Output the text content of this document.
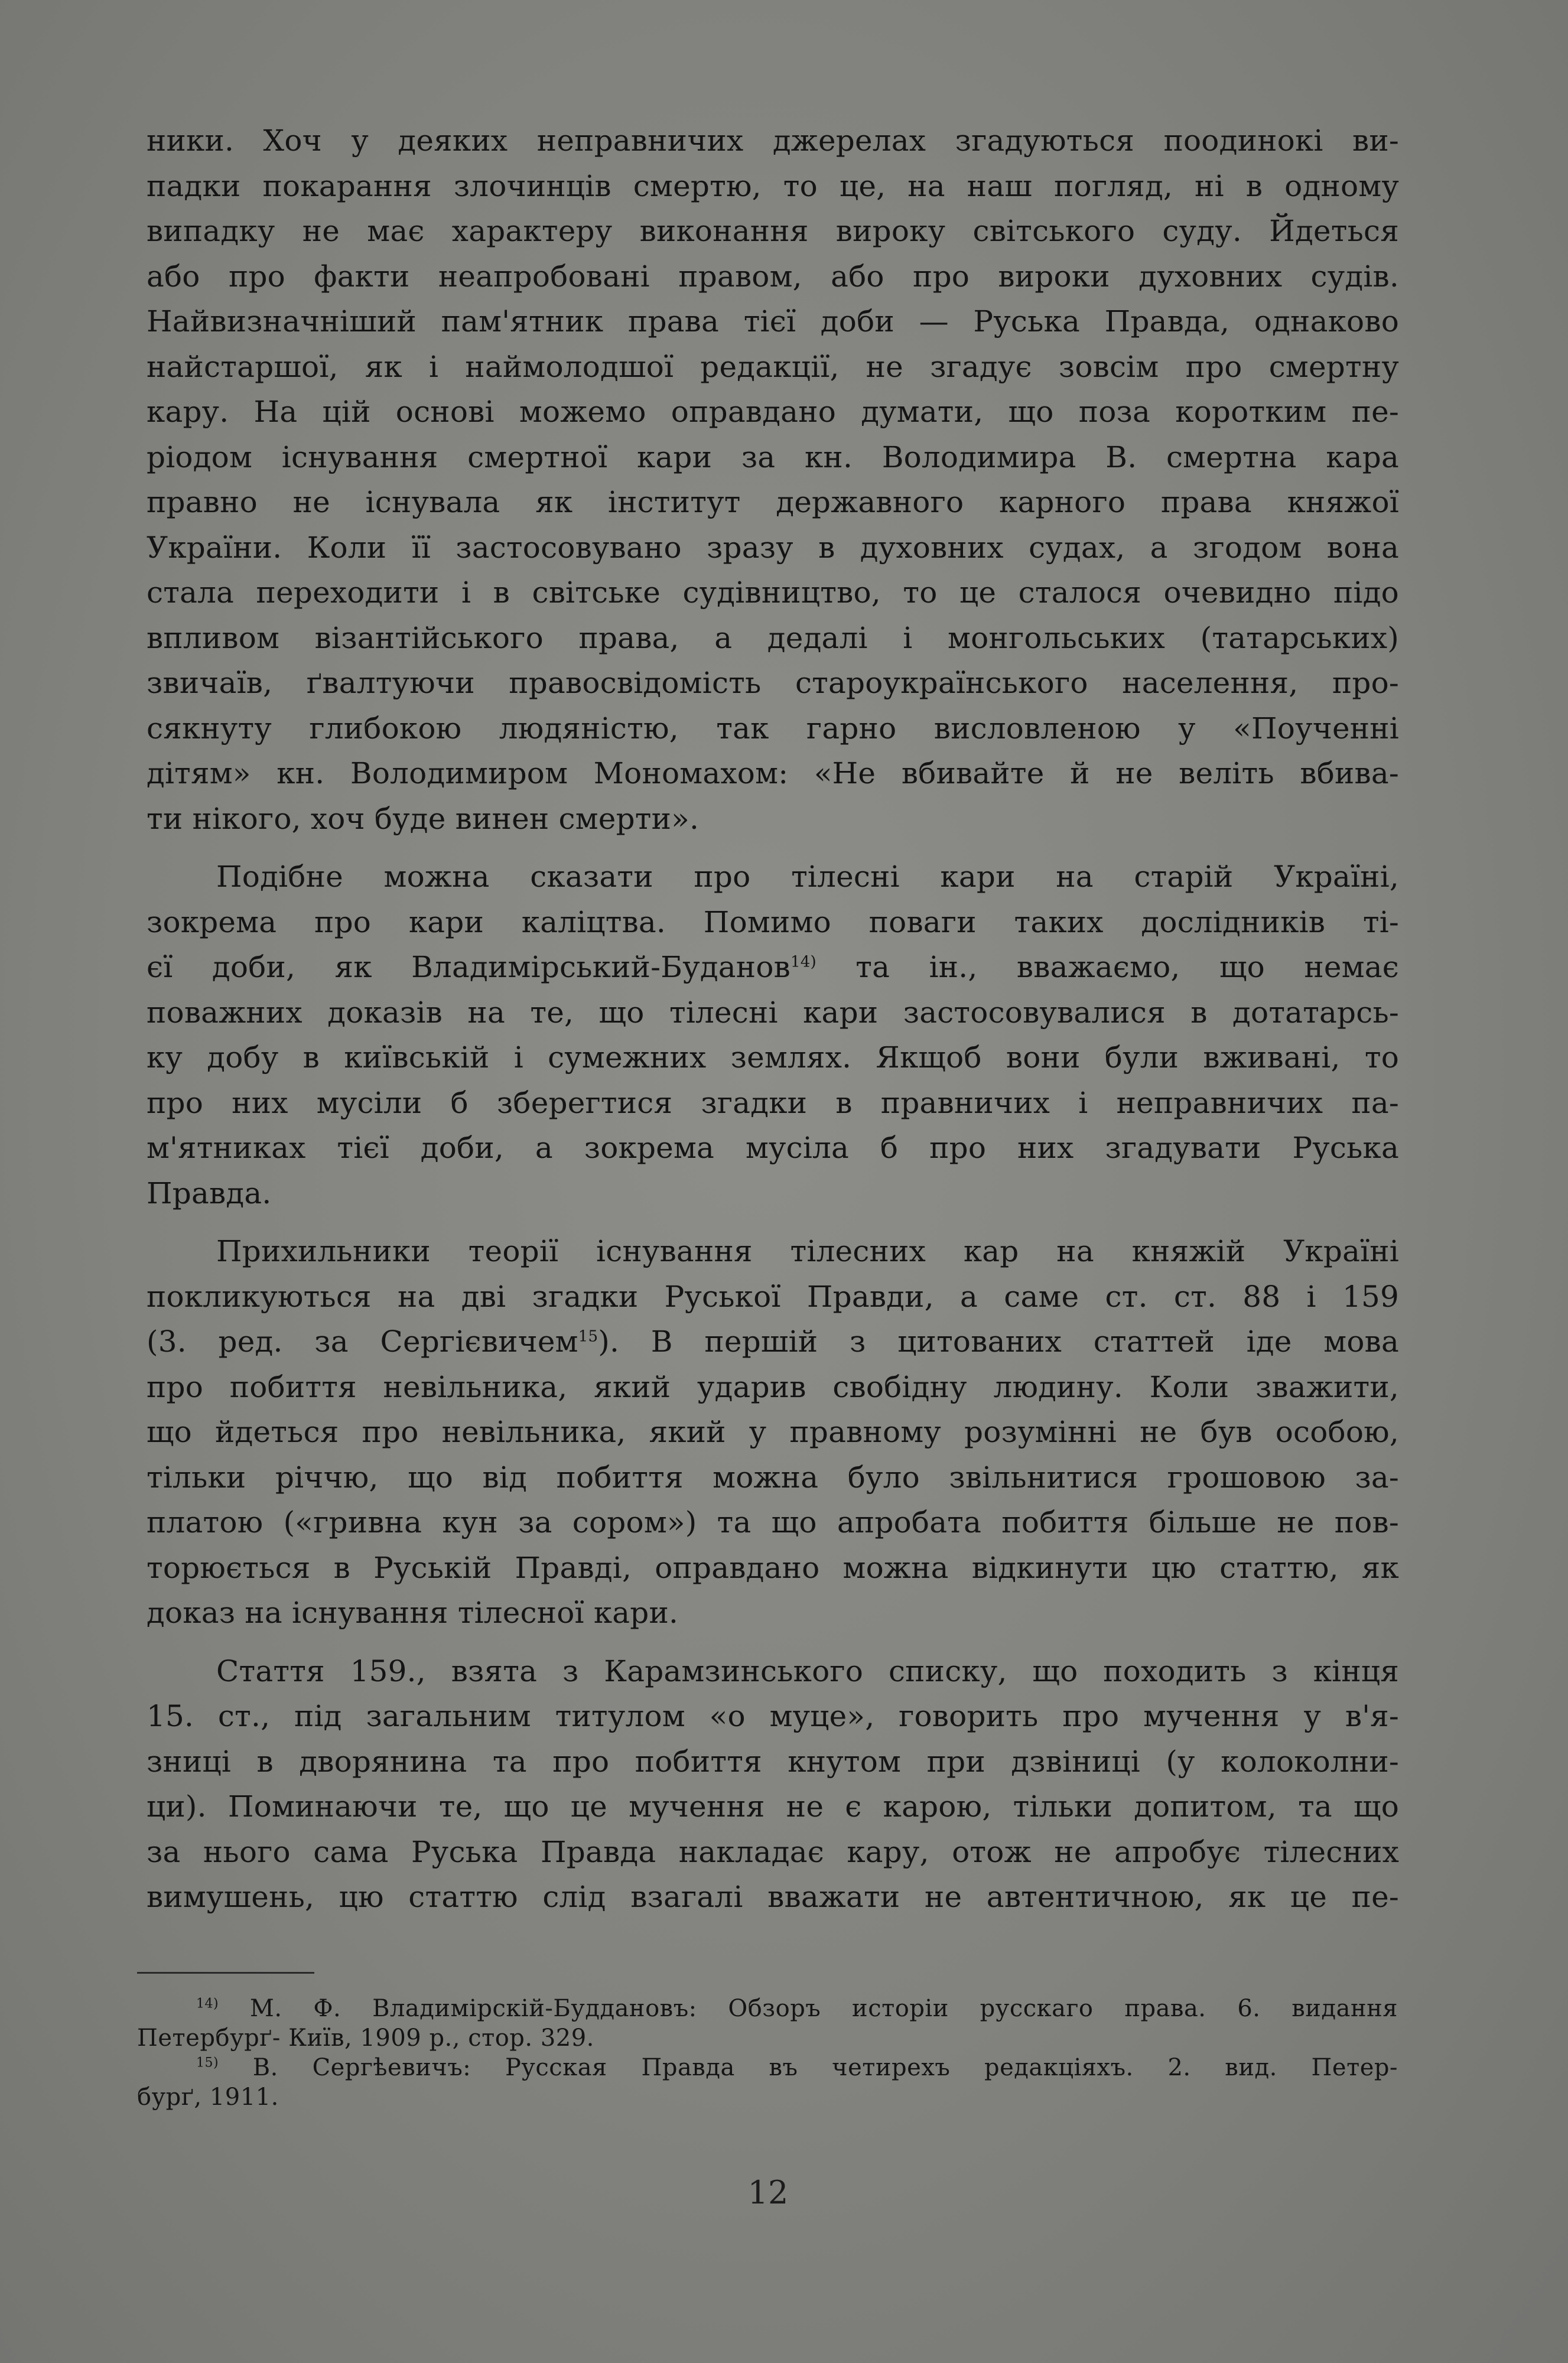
ники. Хоч у деяких неправничих джерелах згадуються поодинокі ви-
падки покарання злочинців смертю, то це, на наш погляд, ні в одному
випадку не має характеру виконання вироку світського суду. Йдеться
або про факти неапробовані правом, або про вироки духовних судів.
Найвизначніший пам'ятник права тієї доби — Руська Правда, однаково
найстаршої, як і наймолодшої редакції, не згадує зовсім про смертну
кару. На цій основі можемо оправдано думати, що поза коротким пе-
ріодом існування смертної кари за кн. Володимира В. смертна кара
правно не існувала як інститут державного карного права княжої
України. Коли її застосовувано зразу в духовних судах, а згодом вона
стала переходити і в світське судівництво, то це сталося очевидно підо
впливом візантійського права, а дедалі і монгольських (татарських)
звичаїв, ґвалтуючи правосвідомість староукраїнського населення, про-
сякнуту глибокою людяністю, так гарно висловленою у «Поученні
дітям» кн. Володимиром Мономахом: «Не вбивайте й не веліть вбива-
ти нікого, хоч буде винен смерти».

Подібне можна сказати про тілесні кари на старій Україні,
зокрема про кари каліцтва. Помимо поваги таких дослідників ті-
єї доби, як Владимірський-Буданов$^{14)}$ та ін., вважаємо, що немає
поважних доказів на те, що тілесні кари застосовувалися в дотатарсь-
ку добу в київській і сумежних землях. Якщоб вони були вживані, то
про них мусіли б зберегтися згадки в правничих і неправничих па-
м'ятниках тієї доби, а зокрема мусіла б про них згадувати Руська
Правда.

Прихильники теорії існування тілесних кар на княжій Україні
покликуються на дві згадки Руської Правди, а саме ст. ст. 88 і 159
(3. ред. за Сергієвичем$^{15}$). В першій з цитованих статтей іде мова
про побиття невільника, який ударив свобідну людину. Коли зважити,
що йдеться про невільника, який у правному розумінні не був особою,
тільки річчю, що від побиття можна було звільнитися грошовою за-
платою («гривна кун за сором») та що апробата побиття більше не пов-
торюється в Руській Правді, оправдано можна відкинути цю статтю, як
доказ на існування тілесної кари.

Стаття 159., взята з Карамзинського списку, що походить з кінця
15. ст., під загальним титулом «о муце», говорить про мучення у в'я-
зниці в дворянина та про побиття кнутом при дзвіниці (у колоколни-
ци). Поминаючи те, що це мучення не є карою, тільки допитом, та що
за нього сама Руська Правда накладає кару, отож не апробує тілесних
вимушень, цю статтю слід взагалі вважати не автентичною, як це пе-

$^{14)}$ М. Ф. Владимірскій-Буддановъ: Обзоръ исторіи русскаго права. 6. видання
Петербурґ- Київ, 1909 р., стор. 329.
$^{15)}$ В. Сергѣевичъ: Русская Правда въ четирехъ редакціяхъ. 2. вид. Петер-
бурґ, 1911.
12
